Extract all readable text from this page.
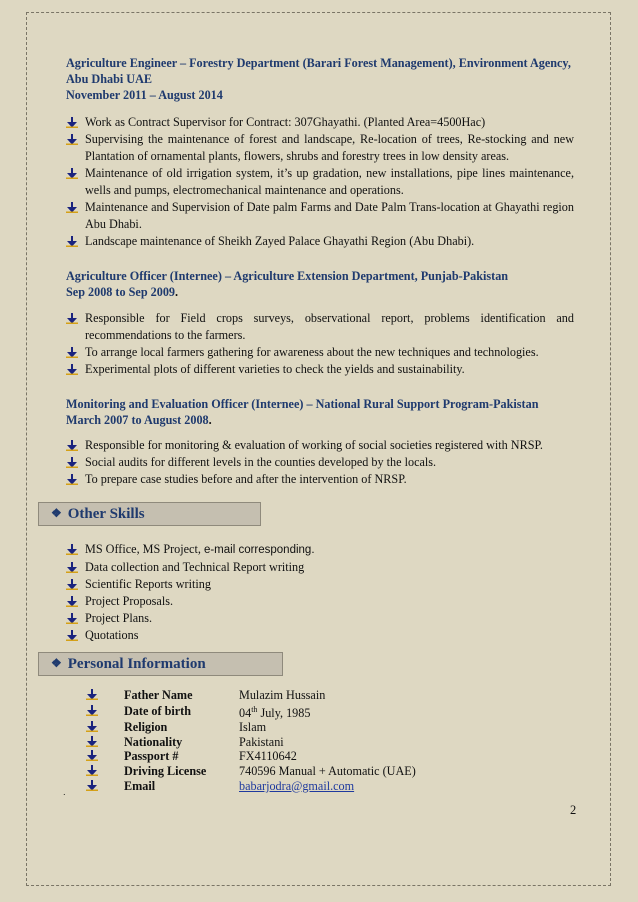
Agriculture Engineer – Forestry Department (Barari Forest Management), Environment Agency, Abu Dhabi UAE
November 2011 – August 2014
Work as Contract Supervisor for Contract: 307Ghayathi. (Planted Area=4500Hac)
Supervising the maintenance of forest and landscape, Re-location of trees, Re-stocking and new Plantation of ornamental plants, flowers, shrubs and forestry trees in low density areas.
Maintenance of old irrigation system, it’s up gradation, new installations, pipe lines maintenance, wells and pumps, electromechanical maintenance and operations.
Maintenance and Supervision of Date palm Farms and Date Palm Trans-location at Ghayathi region Abu Dhabi.
Landscape maintenance of Sheikh Zayed Palace Ghayathi Region (Abu Dhabi).
Agriculture Officer (Internee) – Agriculture Extension Department, Punjab-Pakistan
Sep 2008 to Sep 2009.
Responsible for Field crops surveys, observational report, problems identification and recommendations to the farmers.
To arrange local farmers gathering for awareness about the new techniques and technologies.
Experimental plots of different varieties to check the yields and sustainability.
Monitoring and Evaluation Officer (Internee) – National Rural Support Program-Pakistan
March 2007 to August 2008.
Responsible for monitoring & evaluation of working of social societies registered with NRSP.
Social audits for different levels in the counties developed by the locals.
To prepare case studies before and after the intervention of NRSP.
❖ Other Skills
MS Office, MS Project, e-mail corresponding.
Data collection and Technical Report writing
Scientific Reports writing
Project Proposals.
Project Plans.
Quotations
❖ Personal Information
	Father Name	Mulazim Hussain

	Date of birth	04th July, 1985

	Religion	Islam

	Nationality	Pakistani

	Passport #	FX4110642

	Driving License	740596 Manual + Automatic (UAE)

	Email	babarjodra@gmail.com
.
2
